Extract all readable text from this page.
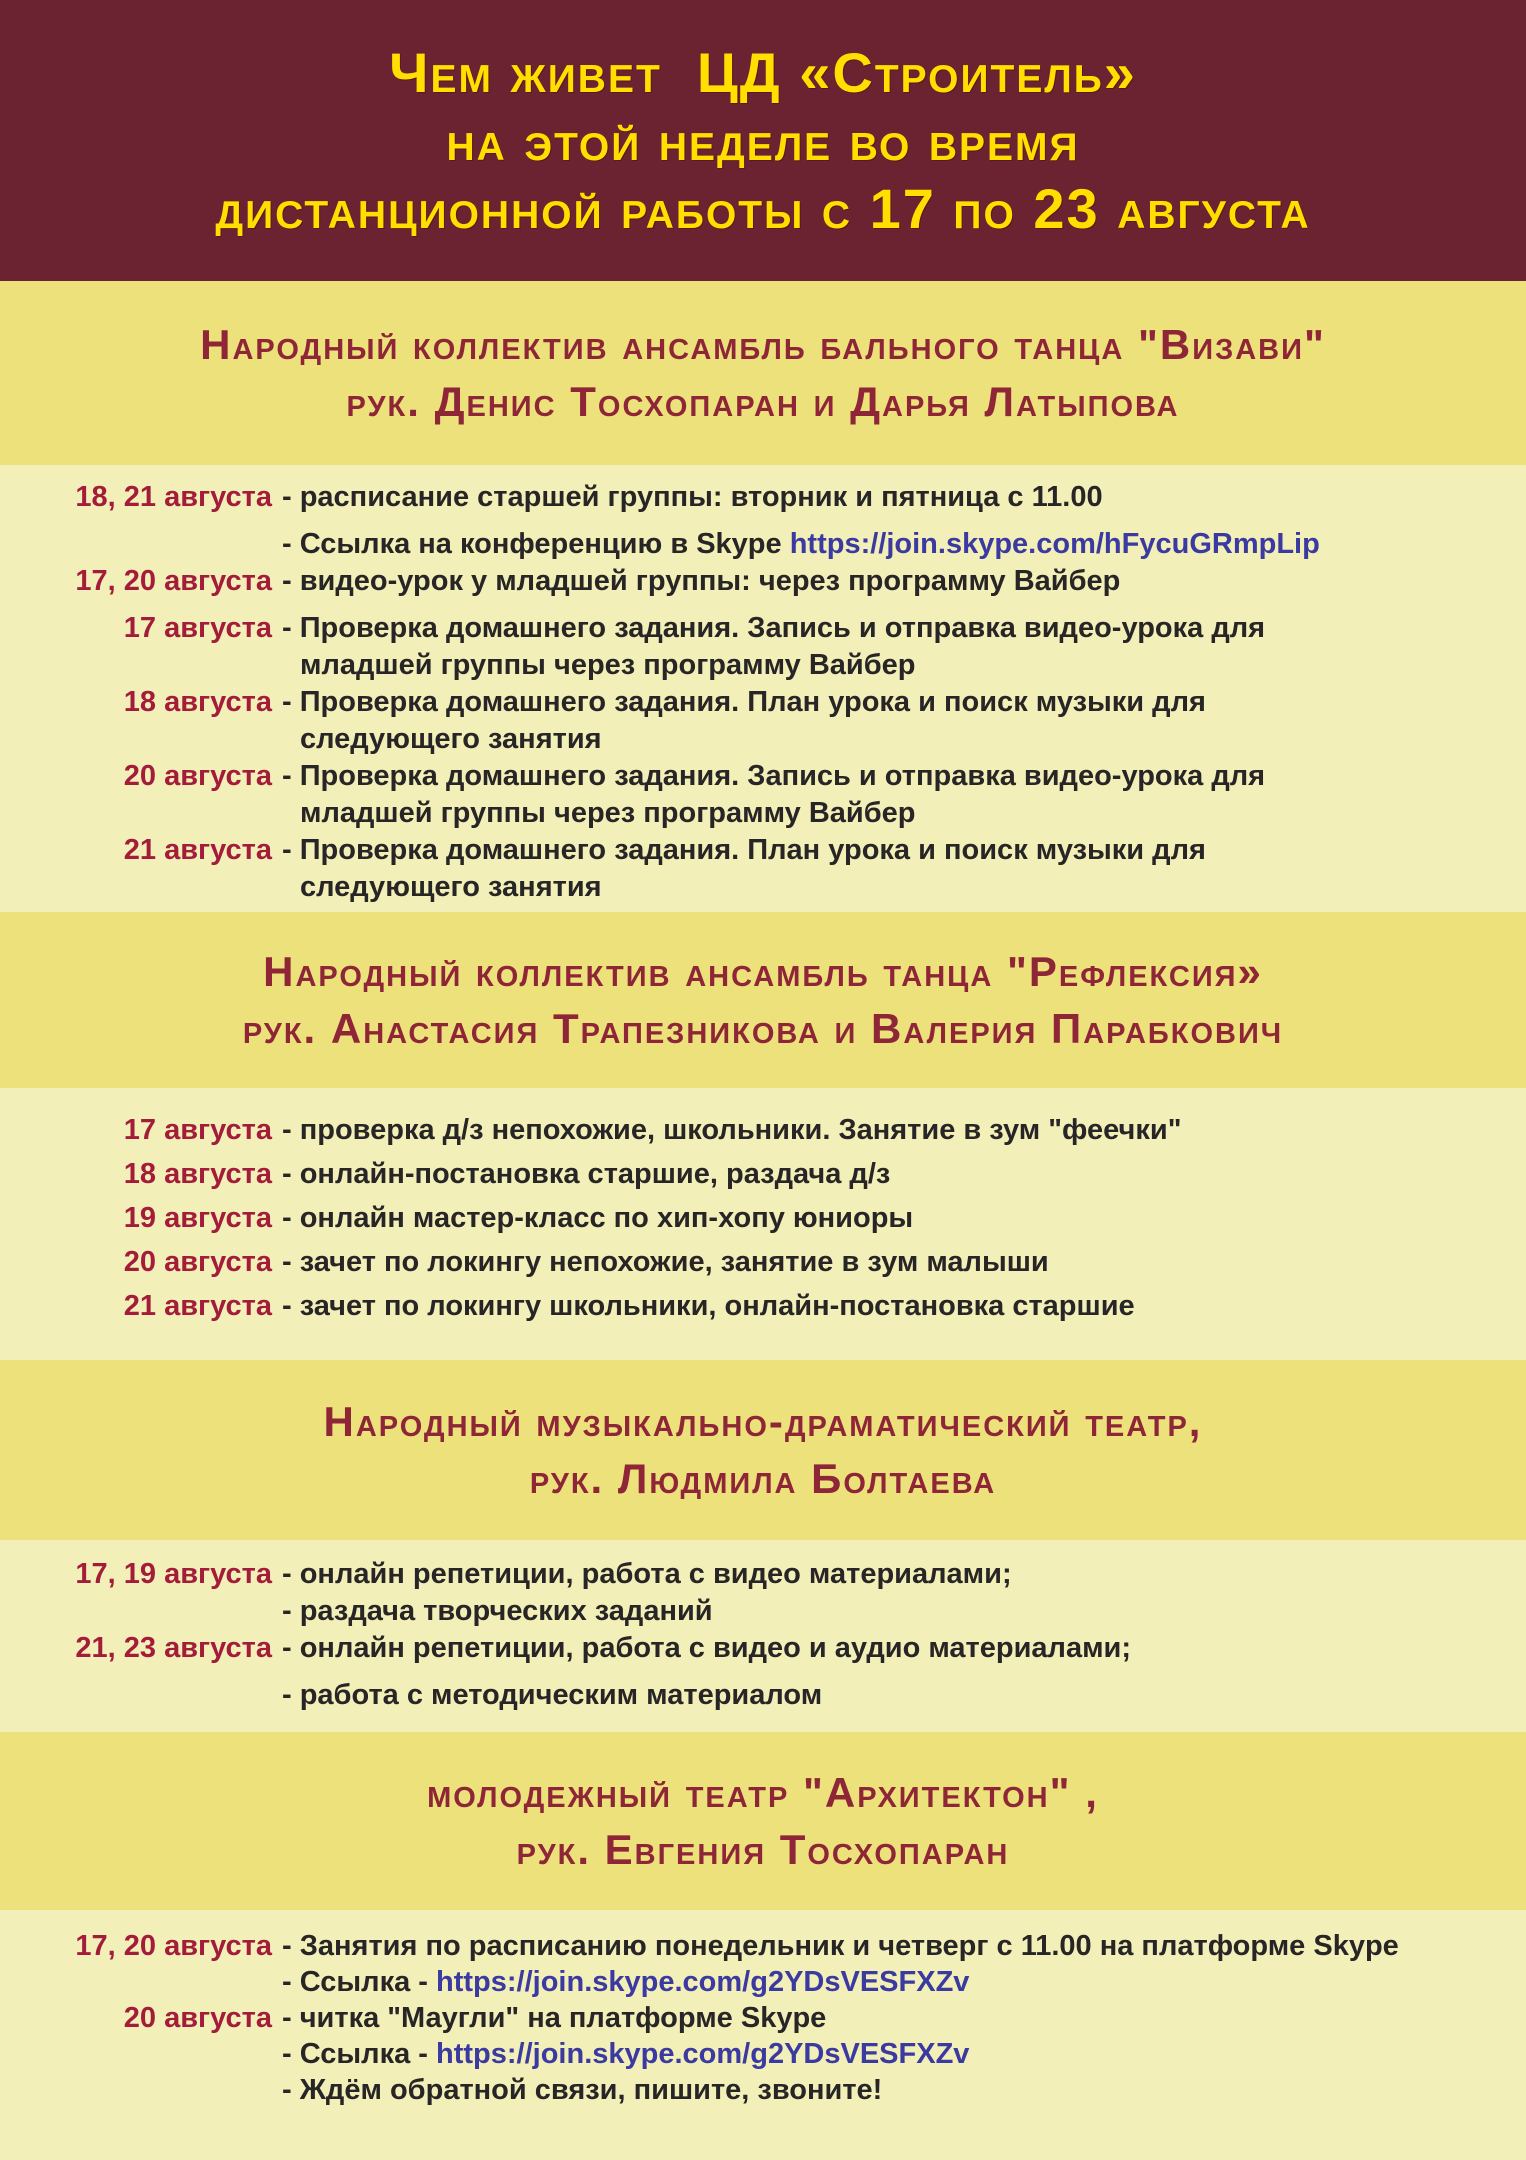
Чем живет  ЦД «Строитель»
на этой неделе во время
дистанционной работы с 17 по 23 августа
Народный коллектив ансамбль бального танца "Визави"
рук. Денис Тосхопаран и Дарья Латыпова
18, 21 августа - расписание старшей группы: вторник и пятница с 11.00
- Ссылка на конференцию в Skype https://join.skype.com/hFycuGRmpLip
17, 20 августа - видео-урок у младшей группы: через программу Вайбер
17 августа - Проверка домашнего задания. Запись и отправка видео-урока для
младшей группы через программу Вайбер
18 августа - Проверка домашнего задания. План урока и поиск музыки для
следующего занятия
20 августа - Проверка домашнего задания. Запись и отправка видео-урока для
младшей группы через программу Вайбер
21 августа - Проверка домашнего задания. План урока и поиск музыки для
следующего занятия
Народный коллектив ансамбль танца "Рефлексия»
рук. Анастасия Трапезникова и Валерия Парабкович
17 августа - проверка д/з непохожие, школьники. Занятие в зум "феечки"
18 августа - онлайн-постановка старшие, раздача д/з
19 августа - онлайн мастер-класс по хип-хопу юниоры
20 августа - зачет по локингу непохожие, занятие в зум малыши
21 августа - зачет по локингу школьники, онлайн-постановка старшие
Народный музыкально-драматический театр,
рук. Людмила Болтаева
17, 19 августа - онлайн репетиции, работа с видео материалами;
- раздача творческих заданий
21, 23 августа - онлайн репетиции, работа с видео и аудио материалами;
- работа с методическим материалом
молодежный театр "Архитектон" ,
рук. Евгения Тосхопаран
17, 20 августа - Занятия по расписанию понедельник и четверг с 11.00 на платформе Skype
- Ссылка - https://join.skype.com/g2YDsVESFXZv
20 августа - читка "Маугли" на платформе Skype
- Ссылка - https://join.skype.com/g2YDsVESFXZv
- Ждём обратной связи, пишите, звоните!
